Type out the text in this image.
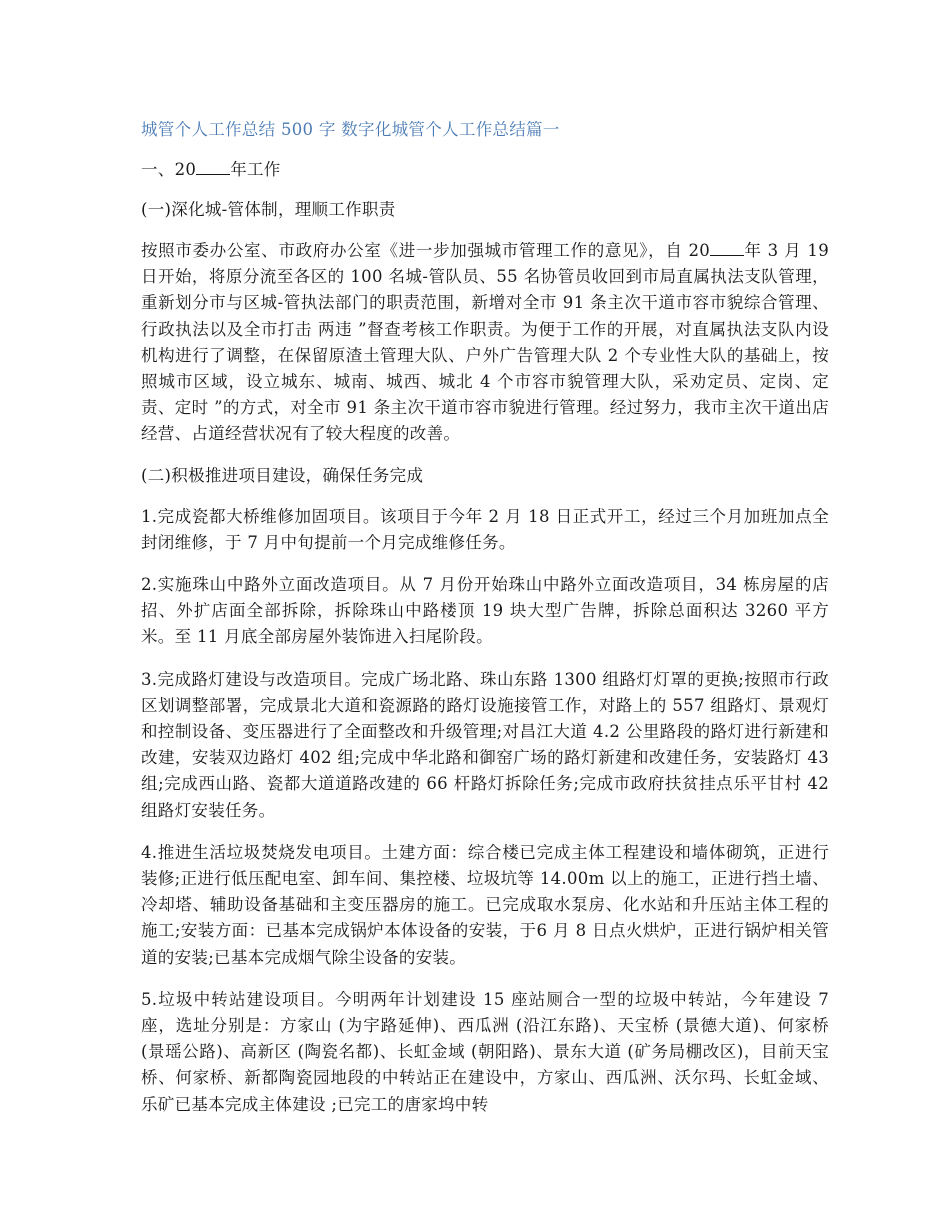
城管个人工作总结 500 字 数字化城管个人工作总结篇一
一、20 年工作
(一)深化城-管体制，理顺工作职责
按照市委办公室、市政府办公室《进一步加强城市管理工作的意见》，自 20 年 3 月 19 日开始，将原分流至各区的 100 名城-管队员、55 名协管员收回到市局直属执法支队管理，重新划分市与区城-管执法部门的职责范围，新增对全市 91 条主次干道市容市貌综合管理、行政执法以及全市打击 两违 ”督查考核工作职责。为便于工作的开展，对直属执法支队内设机构进行了调整，在保留原渣土管理大队、户外广告管理大队 2 个专业性大队的基础上，按照城市区域，设立城东、城南、城西、城北 4 个市容市貌管理大队，采劝定员、定岗、定责、定时 ”的方式，对全市 91 条主次干道市容市貌进行管理。经过努力，我市主次干道出店经营、占道经营状况有了较大程度的改善。
(二)积极推进项目建设，确保任务完成
1.完成瓷都大桥维修加固项目。该项目于今年 2 月 18 日正式开工，经过三个月加班加点全封闭维修，于 7 月中旬提前一个月完成维修任务。
2.实施珠山中路外立面改造项目。从 7 月份开始珠山中路外立面改造项目，34 栋房屋的店招、外扩店面全部拆除，拆除珠山中路楼顶 19 块大型广告牌，拆除总面积达 3260 平方米。至 11 月底全部房屋外装饰进入扫尾阶段。
3.完成路灯建设与改造项目。完成广场北路、珠山东路 1300 组路灯灯罩的更换;按照市行政区划调整部署，完成景北大道和瓷源路的路灯设施接管工作，对路上的 557 组路灯、景观灯和控制设备、变压器进行了全面整改和升级管理;对昌江大道 4.2 公里路段的路灯进行新建和改建，安装双边路灯 402 组;完成中华北路和御窑广场的路灯新建和改建任务，安装路灯 43 组;完成西山路、瓷都大道道路改建的 66 杆路灯拆除任务;完成市政府扶贫挂点乐平甘村 42 组路灯安装任务。
4.推进生活垃圾焚烧发电项目。土建方面：综合楼已完成主体工程建设和墙体砌筑，正进行装修;正进行低压配电室、卸车间、集控楼、垃圾坑等 14.00m 以上的施工，正进行挡土墙、冷却塔、辅助设备基础和主变压器房的施工。已完成取水泵房、化水站和升压站主体工程的施工;安装方面：已基本完成锅炉本体设备的安装，于6 月 8 日点火烘炉，正进行锅炉相关管道的安装;已基本完成烟气除尘设备的安装。
5.垃圾中转站建设项目。今明两年计划建设 15 座站厕合一型的垃圾中转站，今年建设 7 座，选址分别是：方家山 (为宇路延伸)、西瓜洲 (沿江东路)、天宝桥 (景德大道)、何家桥 (景瑶公路)、高新区 (陶瓷名都)、长虹金域 (朝阳路)、景东大道 (矿务局棚改区)，目前天宝桥、何家桥、新都陶瓷园地段的中转站正在建设中，方家山、西瓜洲、沃尔玛、长虹金域、乐矿已基本完成主体建设 ;已完工的唐家坞中转
